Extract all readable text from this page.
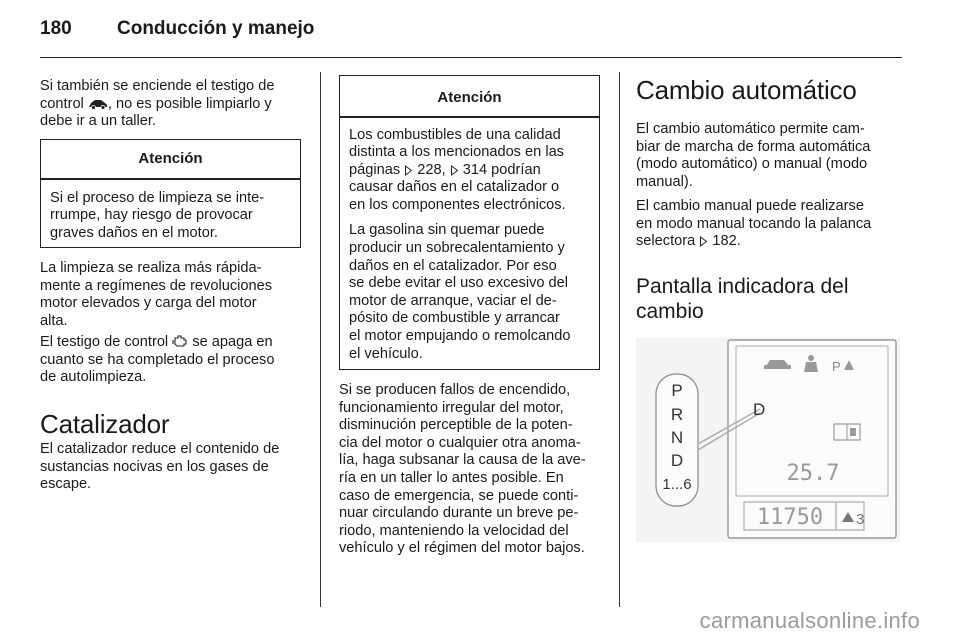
180 Conducción y manejo
Si también se enciende el testigo de
control , no es posible limpiarlo y
debe ir a un taller.
Atención
Si el proceso de limpieza se inte-
rrumpe, hay riesgo de provocar
graves daños en el motor.
La limpieza se realiza más rápida-
mente a regímenes de revoluciones
motor elevados y carga del motor
alta.
El testigo de control se apaga en
cuanto se ha completado el proceso
de autolimpieza.
Catalizador
El catalizador reduce el contenido de
sustancias nocivas en los gases de
escape.
Atención
Los combustibles de una calidad
distinta a los mencionados en las
páginas 228, 314 podrían
causar daños en el catalizador o
en los componentes electrónicos.
La gasolina sin quemar puede
producir un sobrecalentamiento y
daños en el catalizador. Por eso
se debe evitar el uso excesivo del
motor de arranque, vaciar el de-
pósito de combustible y arrancar
el motor empujando o remolcando
el vehículo.
Si se producen fallos de encendido,
funcionamiento irregular del motor,
disminución perceptible de la poten-
cia del motor o cualquier otra anoma-
lía, haga subsanar la causa de la ave-
ría en un taller lo antes posible. En
caso de emergencia, se puede conti-
nuar circulando durante un breve pe-
riodo, manteniendo la velocidad del
vehículo y el régimen del motor bajos.
Cambio automático
El cambio automático permite cam-
biar de marcha de forma automática
(modo automático) o manual (modo
manual).
El cambio manual puede realizarse
en modo manual tocando la palanca
selectora 182.
Pantalla indicadora del
cambio
P
P
R
N
D
1...6
D
25.7
11750 3
carmanualsonline.info
